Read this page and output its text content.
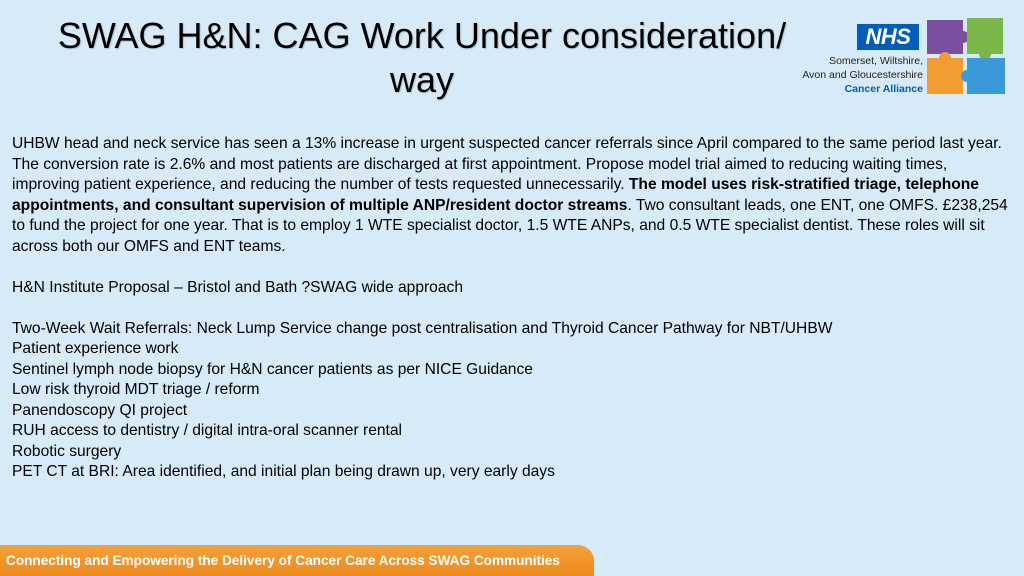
SWAG H&N: CAG Work Under consideration/
way
NHS
Somerset, Wiltshire,
Avon and Gloucestershire
Cancer Alliance

UHBW head and neck service has seen a 13% increase in urgent suspected cancer referrals since April compared to the same period last year. The conversion rate is 2.6% and most patients are discharged at first appointment. Propose model trial aimed to reducing waiting times, improving patient experience, and reducing the number of tests requested unnecessarily. The model uses risk-stratified triage, telephone appointments, and consultant supervision of multiple ANP/resident doctor streams. Two consultant leads, one ENT, one OMFS. £238,254 to fund the project for one year. That is to employ 1 WTE specialist doctor, 1.5 WTE ANPs, and 0.5 WTE specialist dentist. These roles will sit across both our OMFS and ENT teams.

H&N Institute Proposal – Bristol and Bath ?SWAG wide approach

Two-Week Wait Referrals: Neck Lump Service change post centralisation and Thyroid Cancer Pathway for NBT/UHBW

Patient experience work

Sentinel lymph node biopsy for H&N cancer patients as per NICE Guidance

Low risk thyroid MDT triage / reform

Panendoscopy QI project

RUH access to dentistry / digital intra-oral scanner rental

Robotic surgery

PET CT at BRI: Area identified, and initial plan being drawn up, very early days

Connecting and Empowering the Delivery of Cancer Care Across SWAG Communities
